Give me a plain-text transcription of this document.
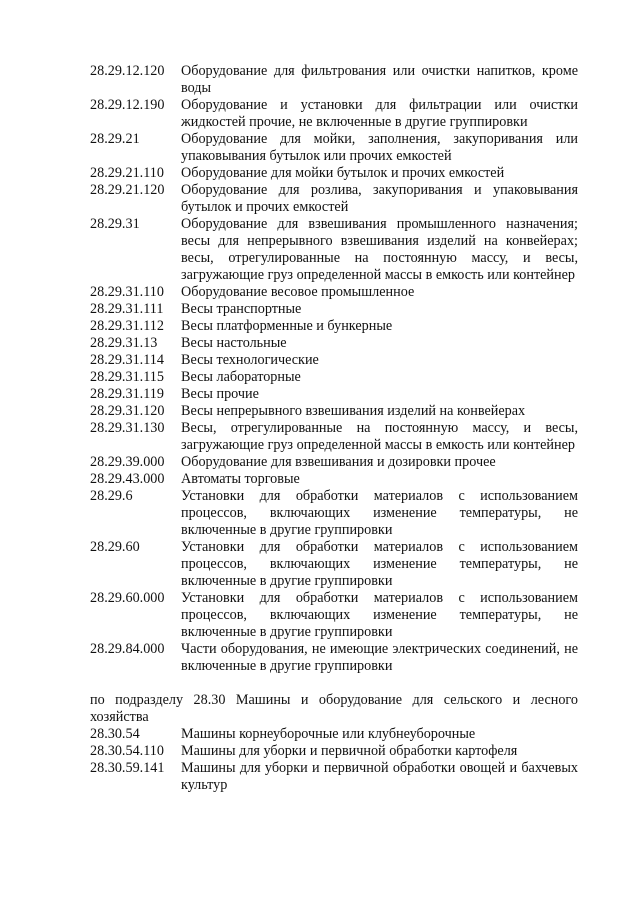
28.29.12.120	Оборудование для фильтрования или очистки напитков, кроме воды
28.29.12.190	Оборудование и установки для фильтрации или очистки жидкостей прочие, не включенные в другие группировки
28.29.21	Оборудование для мойки, заполнения, закупоривания или упаковывания бутылок или прочих емкостей
28.29.21.110	Оборудование для мойки бутылок и прочих емкостей
28.29.21.120	Оборудование для розлива, закупоривания и упаковывания бутылок и прочих емкостей
28.29.31	Оборудование для взвешивания промышленного назначения; весы для непрерывного взвешивания изделий на конвейерах; весы, отрегулированные на постоянную массу, и весы, загружающие груз определенной массы в емкость или контейнер
28.29.31.110	Оборудование весовое промышленное
28.29.31.111	Весы транспортные
28.29.31.112	Весы платформенные и бункерные
28.29.31.13	Весы настольные
28.29.31.114	Весы технологические
28.29.31.115	Весы лабораторные
28.29.31.119	Весы прочие
28.29.31.120	Весы непрерывного взвешивания изделий на конвейерах
28.29.31.130	Весы, отрегулированные на постоянную массу, и весы, загружающие груз определенной массы в емкость или контейнер
28.29.39.000	Оборудование для взвешивания и дозировки прочее
28.29.43.000	Автоматы торговые
28.29.6	Установки для обработки материалов с использованием процессов, включающих изменение температуры, не включенные в другие группировки
28.29.60	Установки для обработки материалов с использованием процессов, включающих изменение температуры, не включенные в другие группировки
28.29.60.000	Установки для обработки материалов с использованием процессов, включающих изменение температуры, не включенные в другие группировки
28.29.84.000	Части оборудования, не имеющие электрических соединений, не включенные в другие группировки
по подразделу 28.30 Машины и оборудование для сельского и лесного хозяйства
28.30.54	Машины корнеуборочные или клубнеуборочные
28.30.54.110	Машины для уборки и первичной обработки картофеля
28.30.59.141	Машины для уборки и первичной обработки овощей и бахчевых культур
